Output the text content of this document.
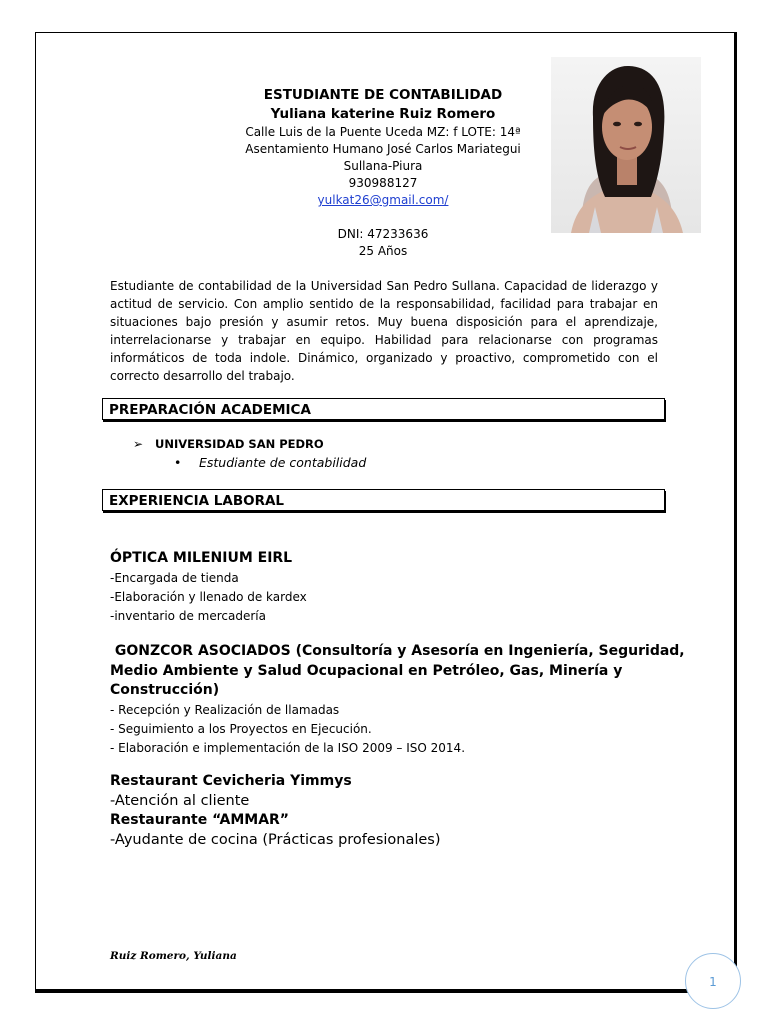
ESTUDIANTE DE CONTABILIDAD
Yuliana katerine Ruiz Romero
Calle Luis de la Puente Uceda MZ: f LOTE: 14ª
Asentamiento Humano José Carlos Mariategui
Sullana-Piura
930988127
yulkat26@gmail.com/
DNI: 47233636
25 Años
Estudiante de contabilidad de la Universidad San Pedro Sullana. Capacidad de liderazgo y actitud de servicio. Con amplio sentido de la responsabilidad, facilidad para trabajar en situaciones bajo presión y asumir retos. Muy buena disposición para el aprendizaje, interrelacionarse y trabajar en equipo. Habilidad para relacionarse con programas informáticos de toda indole. Dinámico, organizado y proactivo, comprometido con el correcto desarrollo del trabajo.
PREPARACIÓN ACADEMICA
➢ UNIVERSIDAD SAN PEDRO
• Estudiante de contabilidad
EXPERIENCIA LABORAL
ÓPTICA MILENIUM EIRL
-Encargada de tienda
-Elaboración y llenado de kardex
-inventario de mercadería
GONZCOR ASOCIADOS (Consultoría y Asesoría en Ingeniería, Seguridad,
Medio Ambiente y Salud Ocupacional en Petróleo, Gas, Minería y
Construcción)
- Recepción y Realización de llamadas
- Seguimiento a los Proyectos en Ejecución.
- Elaboración e implementación de la ISO 2009 – ISO 2014.
Restaurant Cevicheria Yimmys
-Atención al cliente
Restaurante “AMMAR”
-Ayudante de cocina (Prácticas profesionales)
Ruiz Romero, Yuliana
1
